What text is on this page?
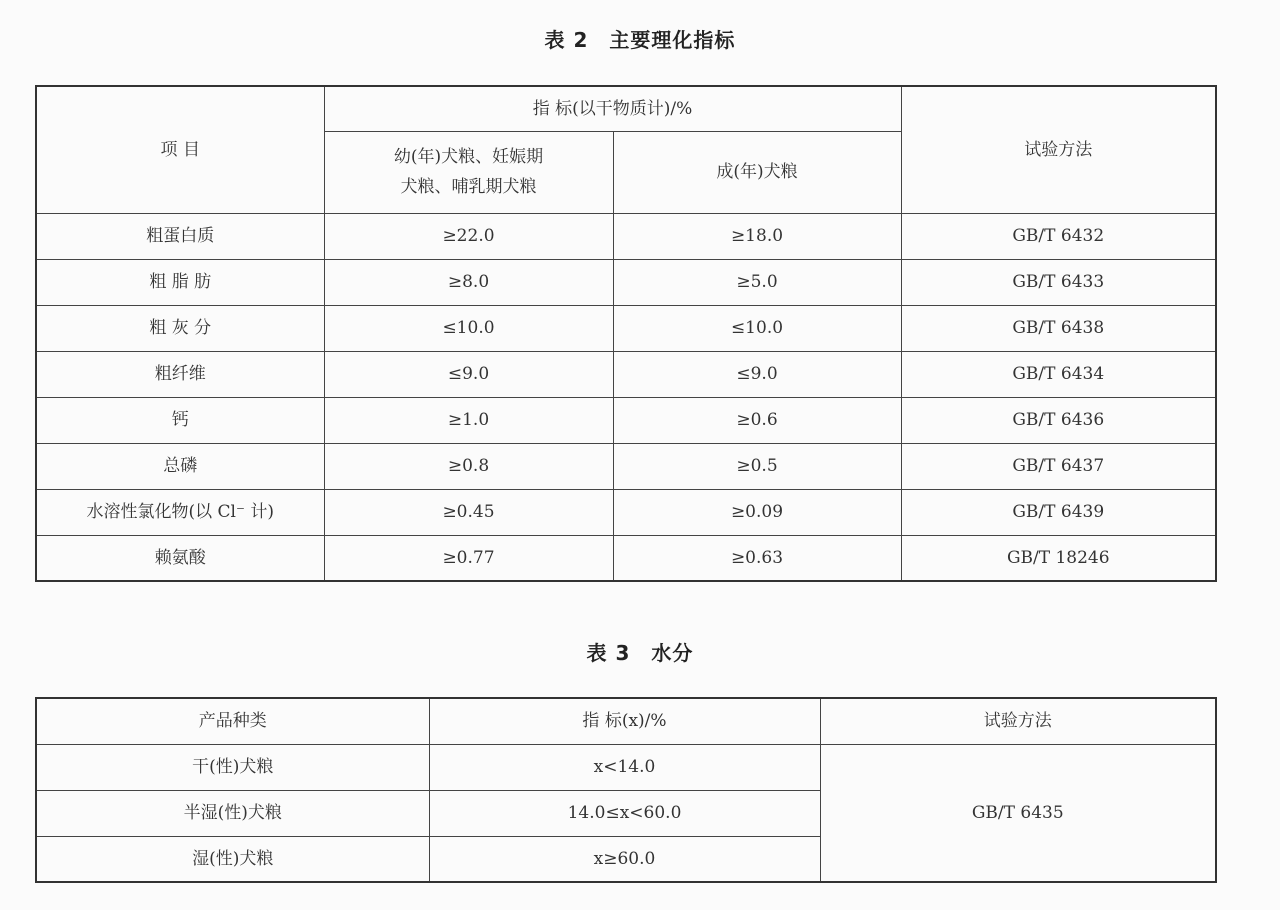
表 2　主要理化指标
项 目	指 标(以干物质计)/%		试验方法
	幼(年)犬粮、妊娠期
犬粮、哺乳期犬粮	成(年)犬粮	
粗蛋白质	≥22.0	≥18.0	GB/T 6432
粗 脂 肪	≥8.0	≥5.0	GB/T 6433
粗 灰 分	≤10.0	≤10.0	GB/T 6438
粗纤维	≤9.0	≤9.0	GB/T 6434
钙	≥1.0	≥0.6	GB/T 6436
总磷	≥0.8	≥0.5	GB/T 6437
水溶性氯化物(以 Cl⁻ 计)	≥0.45	≥0.09	GB/T 6439
赖氨酸	≥0.77	≥0.63	GB/T 18246
表 3　水分
产品种类	指 标(x)/%	试验方法
干(性)犬粮	x<14.0	GB/T 6435
半湿(性)犬粮	14.0≤x<60.0	
湿(性)犬粮	x≥60.0	
